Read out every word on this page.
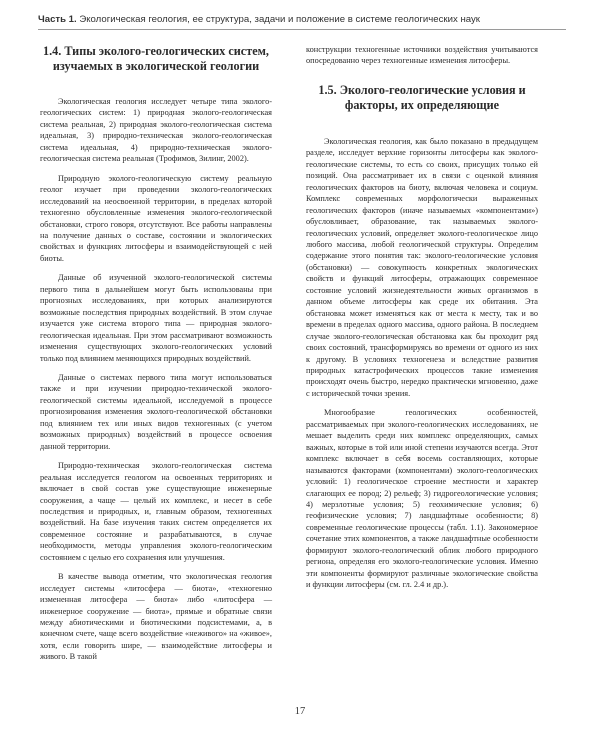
Часть 1. Экологическая геология, ее структура, задачи и положение в системе геологических наук
1.4. Типы эколого-геологических систем, изучаемых в экологической геологии

Экологическая геология исследует четыре типа эколого-геологических систем: 1) природная эколого-геологическая система реальная, 2) природная эколого-геологическая система идеальная, 3) природно-техническая эколого-геологическая система идеальная, 4) природно-техническая эколого-геологическая система реальная (Трофимов, Зилинг, 2002).

Природную эколого-геологическую систему реальную геолог изучает при проведении эколого-геологических исследований на неосвоенной территории, в пределах которой техногенно обусловленные изменения эколого-геологической обстановки, строго говоря, отсутствуют. Все работы направлены на получение данных о составе, состоянии и экологических свойствах и функциях литосферы и взаимодействующей с ней биоты.

Данные об изученной эколого-геологической системы первого типа в дальнейшем могут быть использованы при прогнозных исследованиях, при которых анализируются возможные последствия природных воздействий. В этом случае изучается уже система второго типа — природная эколого-геологическая идеальная. При этом рассматривают возможность изменения существующих эколого-геологических условий только под влиянием меняющихся природных воздействий.

Данные о системах первого типа могут использоваться также и при изучении природно-технической эколого-геологической системы идеальной, исследуемой в процессе прогнозирования изменения эколого-геологической обстановки под влиянием тех или иных видов техногенных (с учетом возможных природных) воздействий в процессе освоения данной территории.

Природно-техническая эколого-геологическая система реальная исследуется геологом на освоенных территориях и включает в свой состав уже существующие инженерные сооружения, а чаще — целый их комплекс, и несет в себе последствия и природных, и, главным образом, техногенных воздействий. На базе изучения таких систем определяется их современное состояние и разрабатываются, в случае необходимости, методы управления эколого-геологическим состоянием с целью его сохранения или улучшения.

В качестве вывода отметим, что экологическая геология исследует системы «литосфера — биота», «техногенно измененная литосфера — биота» либо «литосфера — инженерное сооружение — биота», прямые и обратные связи между абиотическими и биотическими подсистемами, а, в конечном счете, чаще всего воздействие «неживого» на «живое», хотя, если говорить шире, — взаимодействие литосферы и живого. В такой

конструкции техногенные источники воздействия учитываются опосредованно через техногенные изменения литосферы.

1.5. Эколого-геологические условия и факторы, их определяющие

Экологическая геология, как было показано в предыдущем разделе, исследует верхние горизонты литосферы как эколого-геологические системы, то есть со своих, присущих только ей позиций. Она рассматривает их в связи с оценкой влияния геологических факторов на биоту, включая человека и социум. Комплекс современных морфологически выраженных геологических факторов (иначе называемых «компонентами») обусловливает, образование, так называемых эколого-геологических условий, определяет эколого-геологическое лицо любого массива, любой геологической структуры. Определим содержание этого понятия так: эколого-геологические условия (обстановки) — совокупность конкретных экологических свойств и функций литосферы, отражающих современное состояние условий жизнедеятельности живых организмов в данном объеме литосферы как среде их обитания. Эта обстановка может изменяться как от места к месту, так и во времени в пределах одного массива, одного района. В последнем случае эколого-геологическая обстановка как бы проходит ряд своих состояний, трансформируясь во времени от одного из них к другому. В условиях техногенеза и вследствие развития природных катастрофических процессов такие изменения происходят очень быстро, нередко практически мгновенно, даже с исторической точки зрения.

Многообразие геологических особенностей, рассматриваемых при эколого-геологических исследованиях, не мешает выделить среди них комплекс определяющих, самых важных, которые в той или иной степени изучаются всегда. Этот комплекс включает в себя восемь составляющих, которые называются факторами (компонентами) эколого-геологических условий: 1) геологическое строение местности и характер слагающих ее пород; 2) рельеф; 3) гидрогеологические условия; 4) мерзлотные условия; 5) геохимические условия; 6) геофизические условия; 7) ландшафтные особенности; 8) современные геологические процессы (табл. 1.1). Закономерное сочетание этих компонентов, а также ландшафтные особенности формируют эколого-геологический облик любого природного региона, определяя его эколого-геологические условия. Именно эти компоненты формируют различные экологические свойства и функции литосферы (см. гл. 2.4 и др.).

17
